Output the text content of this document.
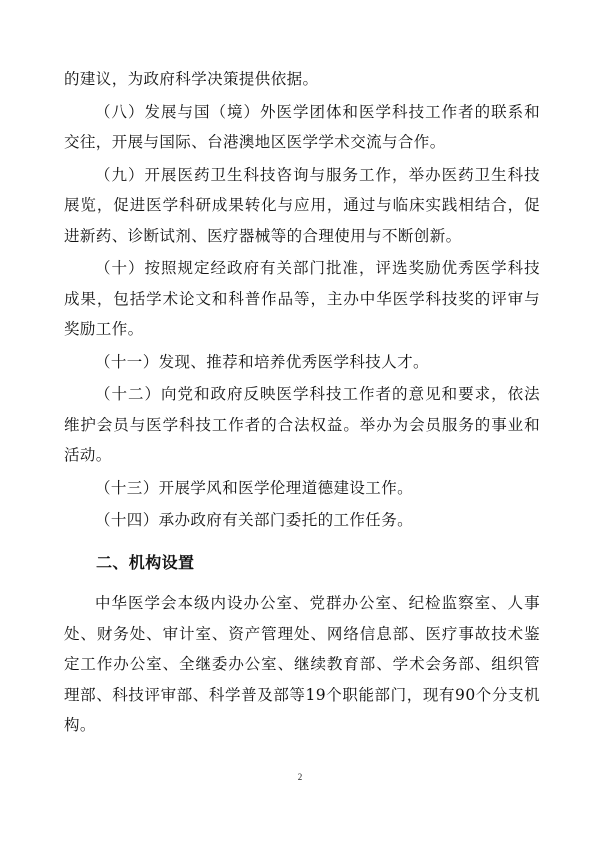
的建议，为政府科学决策提供依据。

（八）发展与国（境）外医学团体和医学科技工作者的联系和交往，开展与国际、台港澳地区医学学术交流与合作。

（九）开展医药卫生科技咨询与服务工作，举办医药卫生科技展览，促进医学科研成果转化与应用，通过与临床实践相结合，促进新药、诊断试剂、医疗器械等的合理使用与不断创新。

（十）按照规定经政府有关部门批准，评选奖励优秀医学科技成果，包括学术论文和科普作品等，主办中华医学科技奖的评审与奖励工作。

（十一）发现、推荐和培养优秀医学科技人才。

（十二）向党和政府反映医学科技工作者的意见和要求，依法维护会员与医学科技工作者的合法权益。举办为会员服务的事业和活动。

（十三）开展学风和医学伦理道德建设工作。

（十四）承办政府有关部门委托的工作任务。

二、机构设置

中华医学会本级内设办公室、党群办公室、纪检监察室、人事处、财务处、审计室、资产管理处、网络信息部、医疗事故技术鉴定工作办公室、全继委办公室、继续教育部、学术会务部、组织管理部、科技评审部、科学普及部等19个职能部门，现有90个分支机构。

2
